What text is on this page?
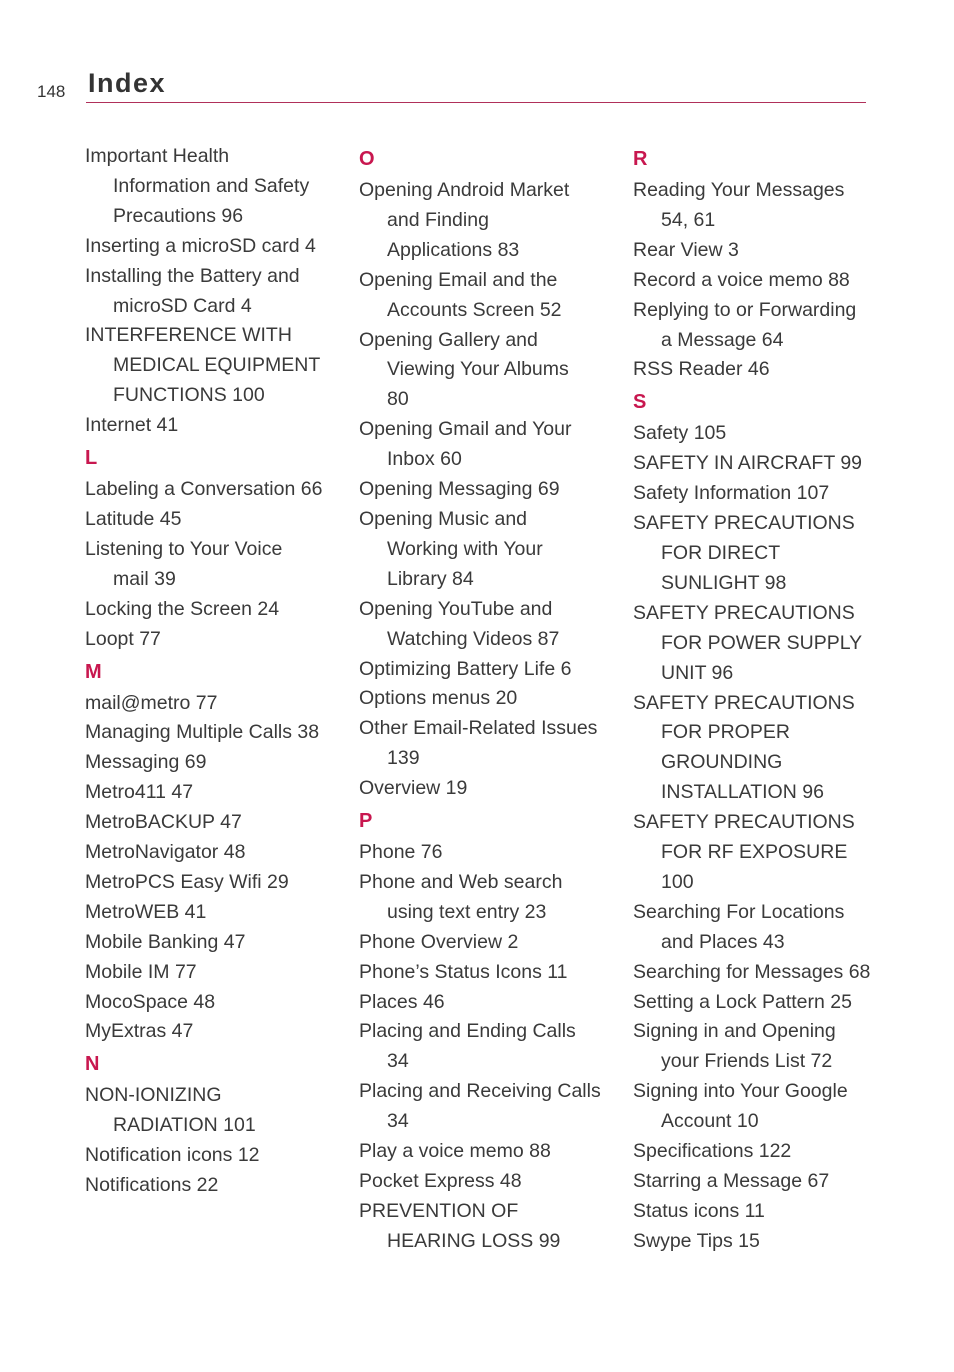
148 Index
Important Health
Information and Safety
Precautions 96
Inserting a microSD card 4
Installing the Battery and
microSD Card 4
INTERFERENCE WITH
MEDICAL EQUIPMENT
FUNCTIONS 100
Internet 41
L
Labeling a Conversation 66
Latitude 45
Listening to Your Voice
mail 39
Locking the Screen 24
Loopt 77
M
mail@metro 77
Managing Multiple Calls 38
Messaging 69
Metro411 47
MetroBACKUP 47
MetroNavigator 48
MetroPCS Easy Wifi 29
MetroWEB 41
Mobile Banking 47
Mobile IM 77
MocoSpace 48
MyExtras 47
N
NON-IONIZING
RADIATION 101
Notification icons 12
Notifications 22
O
Opening Android Market
and Finding
Applications 83
Opening Email and the
Accounts Screen 52
Opening Gallery and
Viewing Your Albums
80
Opening Gmail and Your
Inbox 60
Opening Messaging 69
Opening Music and
Working with Your
Library 84
Opening YouTube and
Watching Videos 87
Optimizing Battery Life 6
Options menus 20
Other Email-Related Issues
139
Overview 19
P
Phone 76
Phone and Web search
using text entry 23
Phone Overview 2
Phone’s Status Icons 11
Places 46
Placing and Ending Calls
34
Placing and Receiving Calls
34
Play a voice memo 88
Pocket Express 48
PREVENTION OF
HEARING LOSS 99
R
Reading Your Messages
54, 61
Rear View 3
Record a voice memo 88
Replying to or Forwarding
a Message 64
RSS Reader 46
S
Safety 105
SAFETY IN AIRCRAFT 99
Safety Information 107
SAFETY PRECAUTIONS
FOR DIRECT
SUNLIGHT 98
SAFETY PRECAUTIONS
FOR POWER SUPPLY
UNIT 96
SAFETY PRECAUTIONS
FOR PROPER
GROUNDING
INSTALLATION 96
SAFETY PRECAUTIONS
FOR RF EXPOSURE
100
Searching For Locations
and Places 43
Searching for Messages 68
Setting a Lock Pattern 25
Signing in and Opening
your Friends List 72
Signing into Your Google
Account 10
Specifications 122
Starring a Message 67
Status icons 11
Swype Tips 15
